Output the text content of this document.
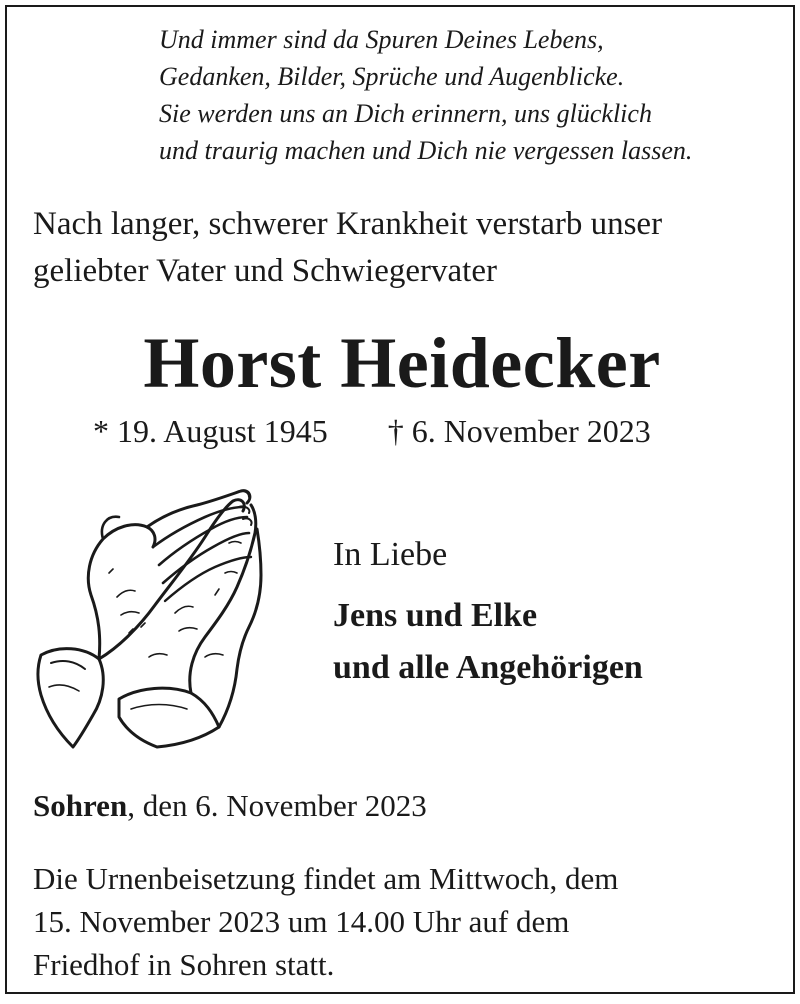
Und immer sind da Spuren Deines Lebens,
Gedanken, Bilder, Sprüche und Augenblicke.
Sie werden uns an Dich erinnern, uns glücklich
und traurig machen und Dich nie vergessen lassen.
Nach langer, schwerer Krankheit verstarb unser
geliebter Vater und Schwiegervater
Horst Heidecker
* 19. August 1945 † 6. November 2023
In Liebe
Jens und Elke
und alle Angehörigen
Sohren, den 6. November 2023
Die Urnenbeisetzung findet am Mittwoch, dem
15. November 2023 um 14.00 Uhr auf dem
Friedhof in Sohren statt.
